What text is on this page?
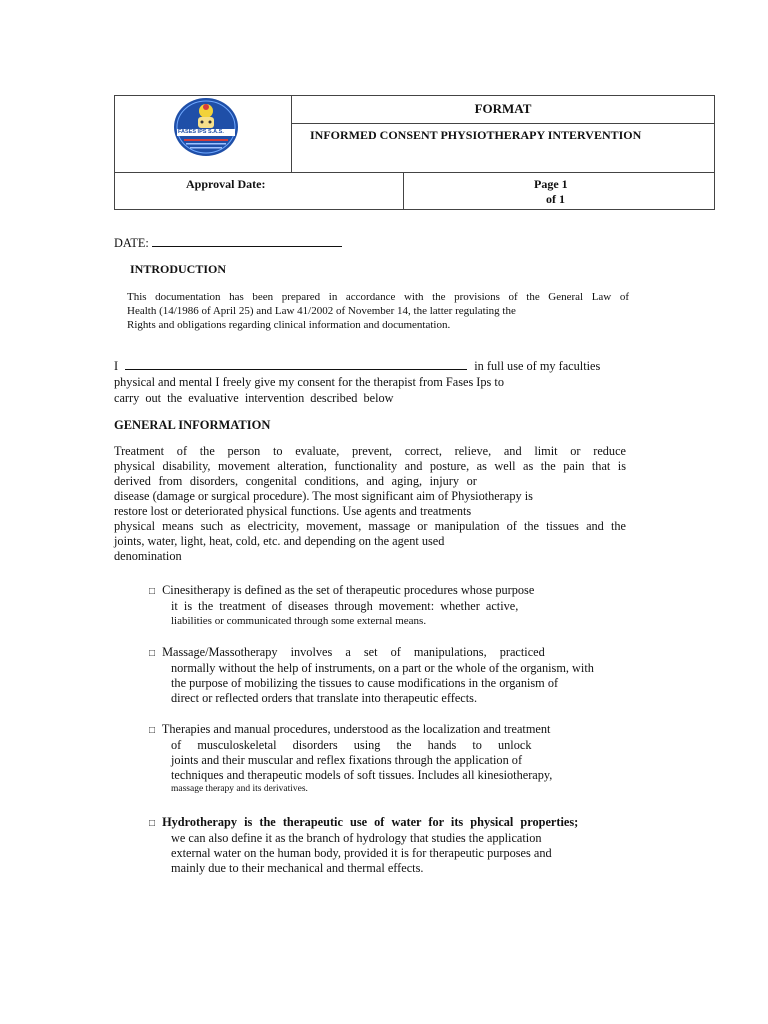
FASES IPS S.A.S.
FORMAT
INFORMED CONSENT PHYSIOTHERAPY INTERVENTION
Approval Date:	Page 1
of 1
DATE:
INTRODUCTION
This documentation has been prepared in accordance with the provisions of the General Law of
Health (14/1986 of April 25) and Law 41/2002 of November 14, the latter regulating the
Rights and obligations regarding clinical information and documentation.
I	in full use of my faculties
physical and mental I freely give my consent for the therapist from Fases Ips to
carry out the evaluative intervention described below
GENERAL INFORMATION
Treatment of the person to evaluate, prevent, correct, relieve, and limit or reduce
physical disability, movement alteration, functionality and posture, as well as the pain that is
derived from disorders, congenital conditions, and aging, injury or
disease (damage or surgical procedure). The most significant aim of Physiotherapy is
restore lost or deteriorated physical functions. Use agents and treatments
physical means such as electricity, movement, massage or manipulation of the tissues and the
joints, water, light, heat, cold, etc. and depending on the agent used
denomination
□ Cinesitherapy is defined as the set of therapeutic procedures whose purpose
it is the treatment of diseases through movement: whether active,
liabilities or communicated through some external means.
□ Massage/Massotherapy involves a set of manipulations, practiced
normally without the help of instruments, on a part or the whole of the organism, with
the purpose of mobilizing the tissues to cause modifications in the organism of
direct or reflected orders that translate into therapeutic effects.
□ Therapies and manual procedures, understood as the localization and treatment
of musculoskeletal disorders using the hands to unlock
joints and their muscular and reflex fixations through the application of
techniques and therapeutic models of soft tissues. Includes all kinesiotherapy,
massage therapy and its derivatives.
□ Hydrotherapy is the therapeutic use of water for its physical properties;
we can also define it as the branch of hydrology that studies the application
external water on the human body, provided it is for therapeutic purposes and
mainly due to their mechanical and thermal effects.
